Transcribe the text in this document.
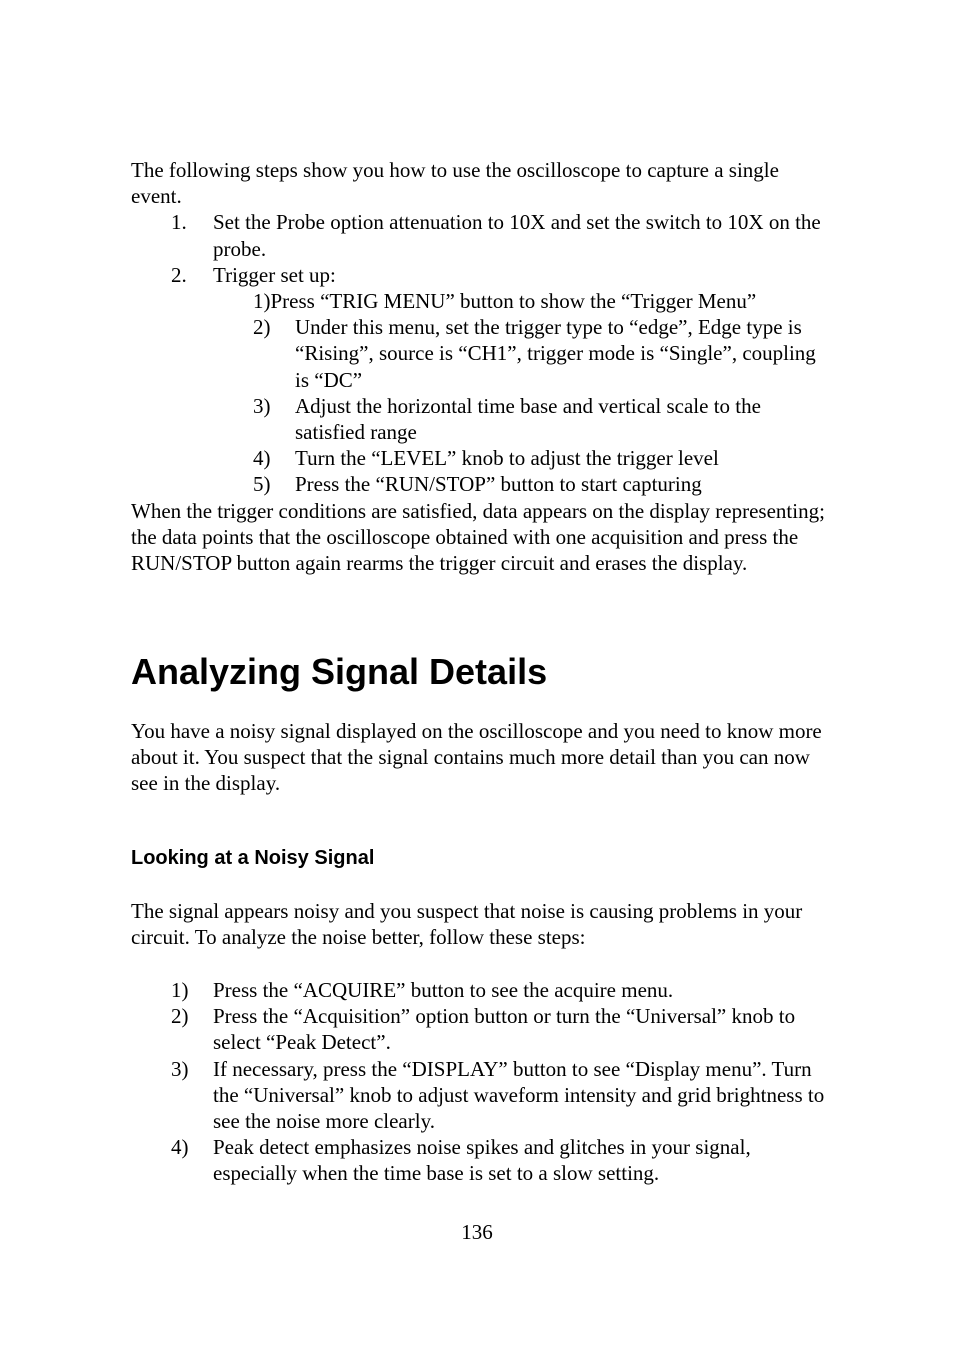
The following steps show you how to use the oscilloscope to capture a single event.

1. Set the Probe option attenuation to 10X and set the switch to 10X on the probe.
2. Trigger set up:
1)Press “TRIG MENU” button to show the “Trigger Menu”
2) Under this menu, set the trigger type to “edge”, Edge type is “Rising”, source is “CH1”, trigger mode is “Single”, coupling is “DC”
3) Adjust the horizontal time base and vertical scale to the satisfied range
4) Turn the “LEVEL” knob to adjust the trigger level
5) Press the “RUN/STOP” button to start capturing

When the trigger conditions are satisfied, data appears on the display representing; the data points that the oscilloscope obtained with one acquisition and press the RUN/STOP button again rearms the trigger circuit and erases the display.

Analyzing Signal Details

You have a noisy signal displayed on the oscilloscope and you need to know more about it. You suspect that the signal contains much more detail than you can now see in the display.

Looking at a Noisy Signal

The signal appears noisy and you suspect that noise is causing problems in your circuit. To analyze the noise better, follow these steps:

1) Press the “ACQUIRE” button to see the acquire menu.
2) Press the “Acquisition” option button or turn the “Universal” knob to select “Peak Detect”.
3) If necessary, press the “DISPLAY” button to see “Display menu”. Turn the “Universal” knob to adjust waveform intensity and grid brightness to see the noise more clearly.
4) Peak detect emphasizes noise spikes and glitches in your signal, especially when the time base is set to a slow setting.
136
